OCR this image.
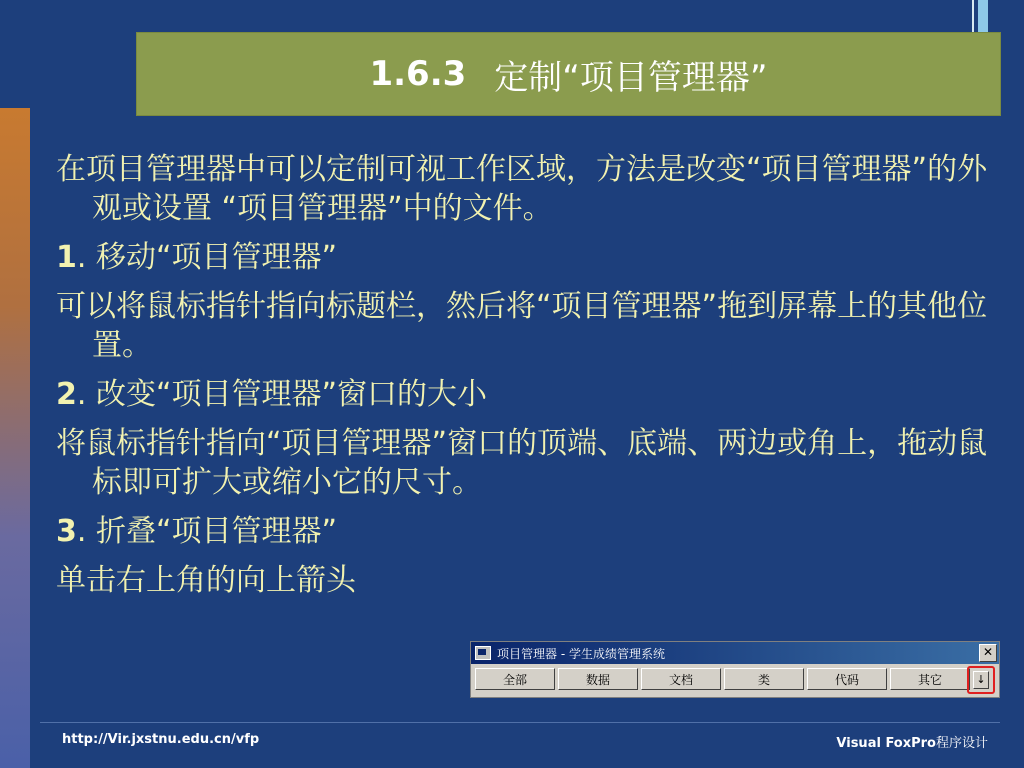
1.6.3 定制“项目管理器”

在项目管理器中可以定制可视工作区域，方法是改变“项目管理器”的外观或设置 “项目管理器”中的文件。

1. 移动“项目管理器”

可以将鼠标指针指向标题栏，然后将“项目管理器”拖到屏幕上的其他位置。

2. 改变“项目管理器”窗口的大小

将鼠标指针指向“项目管理器”窗口的顶端、底端、两边或角上，拖动鼠标即可扩大或缩小它的尺寸。

3. 折叠“项目管理器”

单击右上角的向上箭头

项目管理器 - 学生成绩管理系统	✕
全部	数据	文档	类	代码	其它	↓
http://Vir.jxstnu.edu.cn/vfp	Visual FoxPro程序设计
